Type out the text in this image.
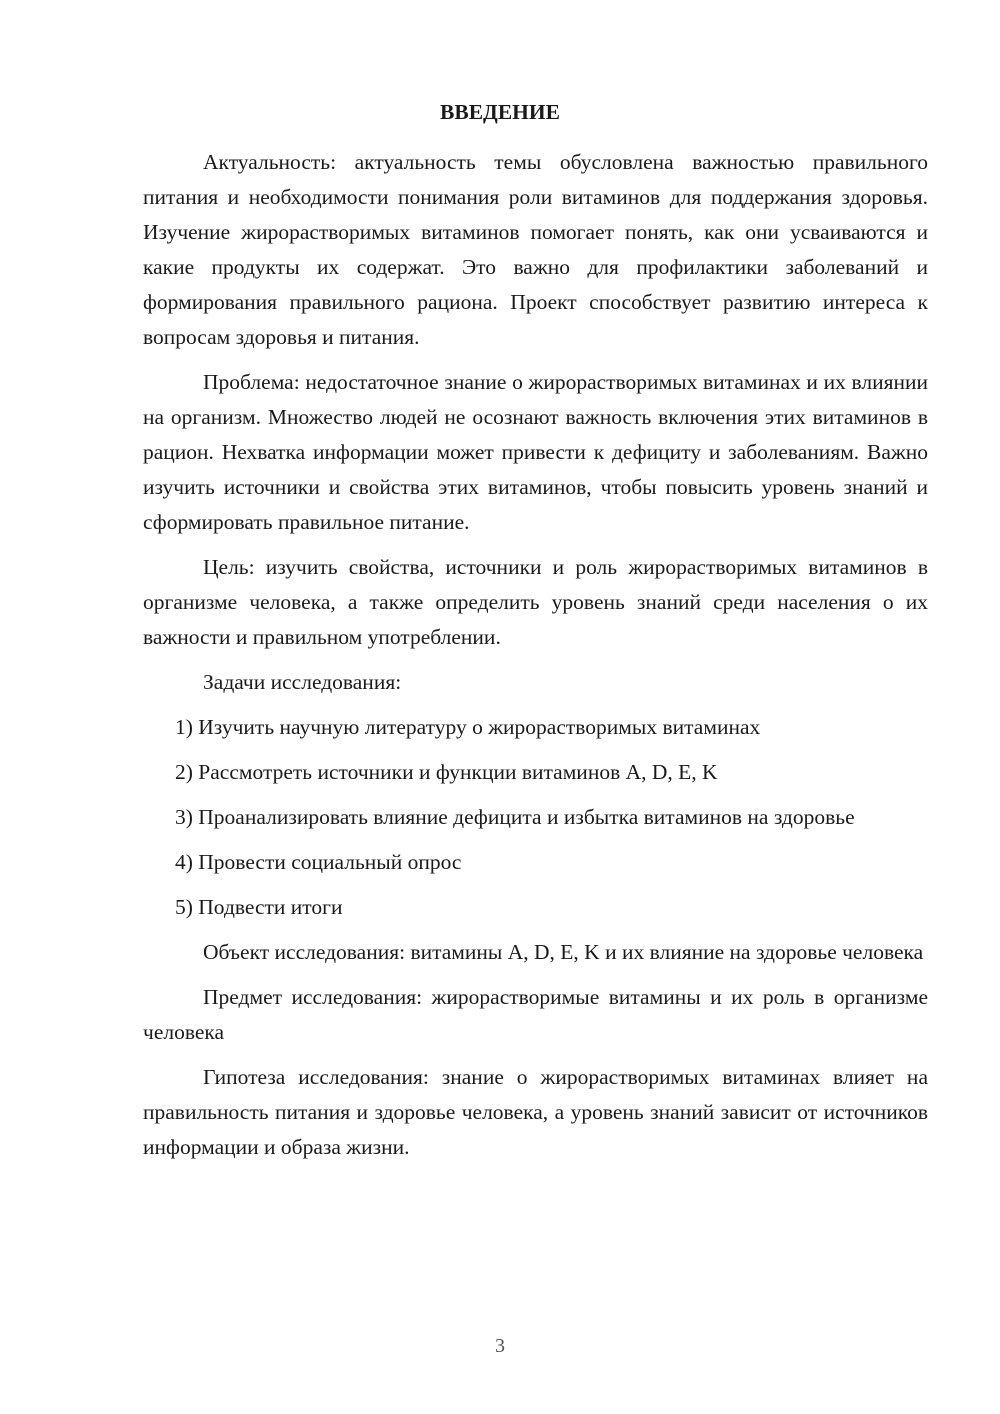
ВВЕДЕНИЕ

Актуальность: актуальность темы обусловлена важностью правильного питания и необходимости понимания роли витаминов для поддержания здоровья. Изучение жирорастворимых витаминов помогает понять, как они усваиваются и какие продукты их содержат. Это важно для профилактики заболеваний и формирования правильного рациона. Проект способствует развитию интереса к вопросам здоровья и питания.

Проблема: недостаточное знание о жирорастворимых витаминах и их влиянии на организм. Множество людей не осознают важность включения этих витаминов в рацион. Нехватка информации может привести к дефициту и заболеваниям. Важно изучить источники и свойства этих витаминов, чтобы повысить уровень знаний и сформировать правильное питание.

Цель: изучить свойства, источники и роль жирорастворимых витаминов в организме человека, а также определить уровень знаний среди населения о их важности и правильном употреблении.

Задачи исследования:

1) Изучить научную литературу о жирорастворимых витаминах

2) Рассмотреть источники и функции витаминов A, D, E, K

3) Проанализировать влияние дефицита и избытка витаминов на здоровье

4) Провести социальный опрос

5) Подвести итоги

Объект исследования: витамины A, D, E, K и их влияние на здоровье человека

Предмет исследования: жирорастворимые витамины и их роль в организме человека

Гипотеза исследования: знание о жирорастворимых витаминах влияет на правильность питания и здоровье человека, а уровень знаний зависит от источников информации и образа жизни.

3
